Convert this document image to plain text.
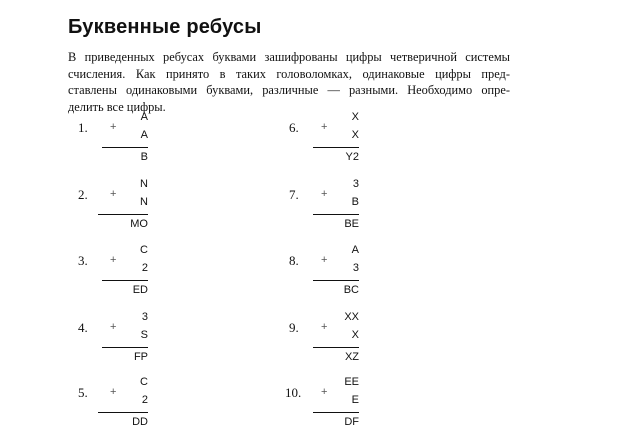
Буквенные ребусы
В приведенных ребусах буквами зашифрованы цифры четверичной системы
счисления. Как принято в таких головоломках, одинаковые цифры пред-
ставлены одинаковыми буквами, различные — разными. Необходимо опре-
делить все цифры.
1. +
A
A
B
2. +
N
N
MO
3. +
C
2
ED
4. +
3
S
FP
5. +
C
2
DD
6. +
X
X
Y2
7. +
3
B
BE
8. +
A
3
BC
9. +
XX
X
XZ
10. +
EE
E
DF
